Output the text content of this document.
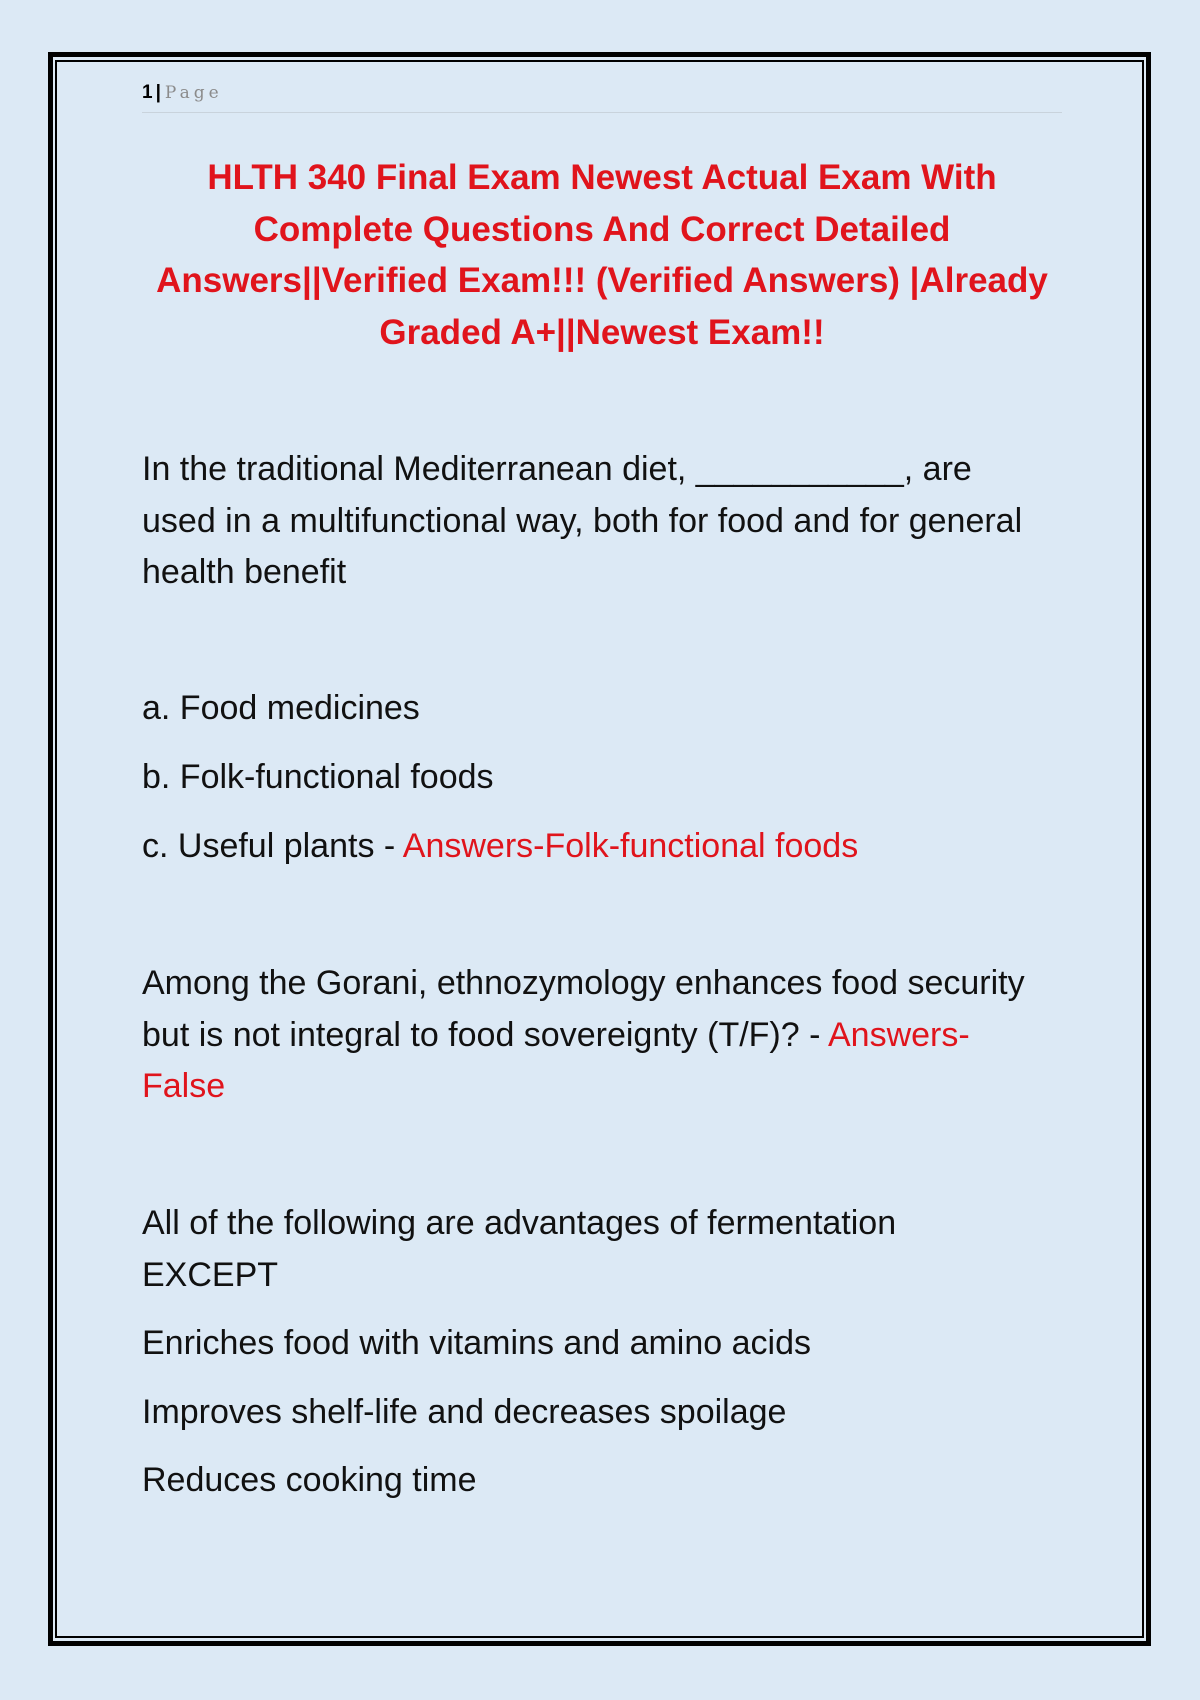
1 | Page
HLTH 340 Final Exam Newest Actual Exam With
Complete Questions And Correct Detailed
Answers||Verified Exam!!! (Verified Answers) |Already
Graded A+||Newest Exam!!
In the traditional Mediterranean diet, ___________, are
used in a multifunctional way, both for food and for general
health benefit
a. Food medicines
b. Folk-functional foods
c. Useful plants - Answers-Folk-functional foods
Among the Gorani, ethnozymology enhances food security
but is not integral to food sovereignty (T/F)? - Answers-
False
All of the following are advantages of fermentation
EXCEPT
Enriches food with vitamins and amino acids
Improves shelf-life and decreases spoilage
Reduces cooking time
